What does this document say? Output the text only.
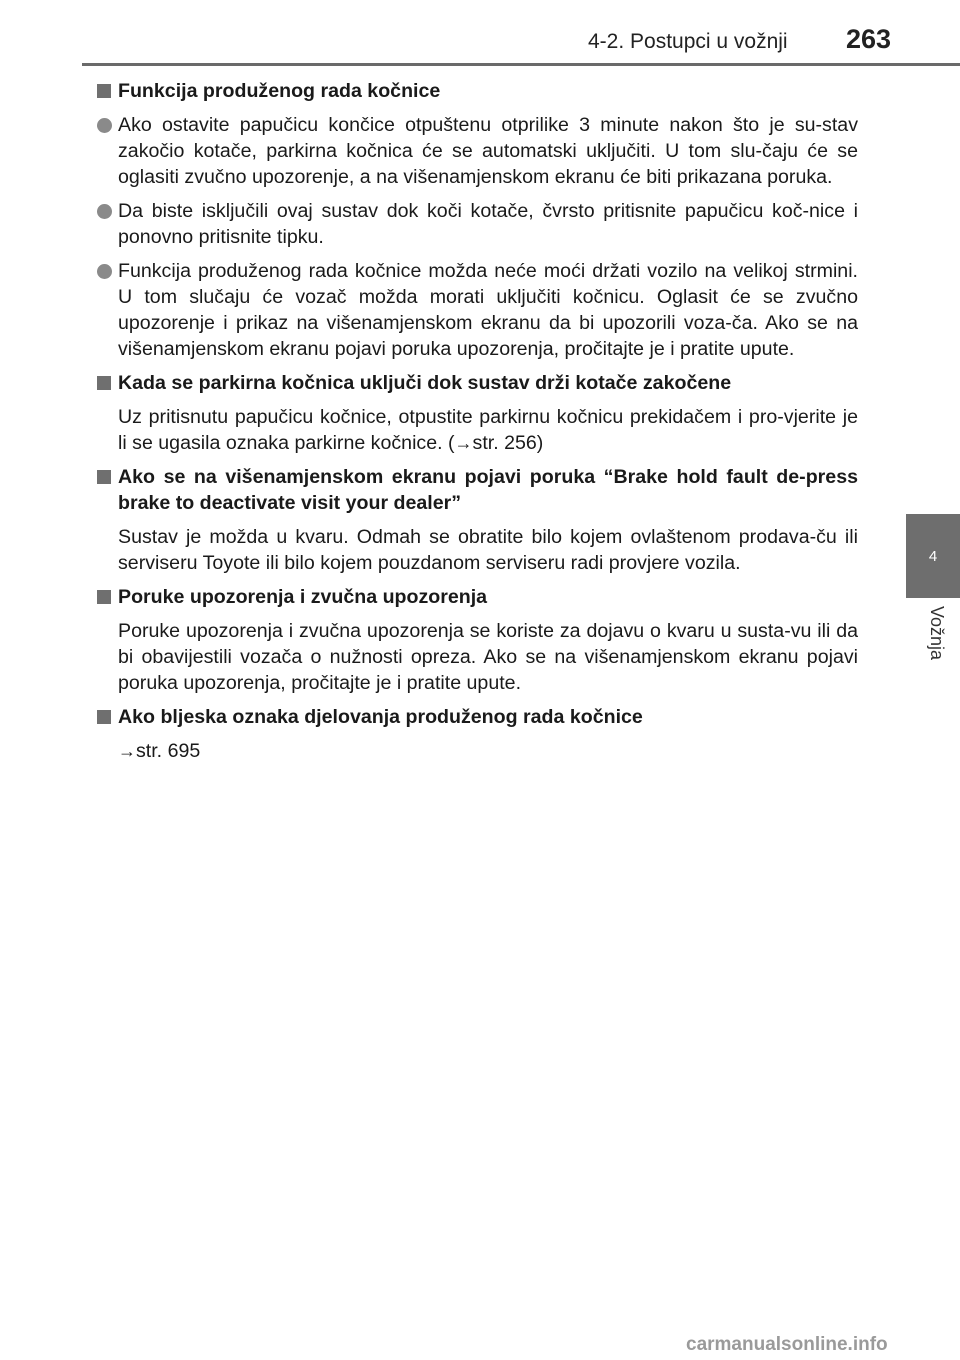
4-2. Postupci u vožnji 263
4
Vožnja
Funkcija produženog rada kočnice
Ako ostavite papučicu končice otpuštenu otprilike 3 minute nakon što je su-stav zakočio kotače, parkirna kočnica će se automatski uključiti. U tom slu-čaju će se oglasiti zvučno upozorenje, a na višenamjenskom ekranu će biti prikazana poruka.
Da biste isključili ovaj sustav dok koči kotače, čvrsto pritisnite papučicu koč-nice i ponovno pritisnite tipku.
Funkcija produženog rada kočnice možda neće moći držati vozilo na velikoj strmini. U tom slučaju će vozač možda morati uključiti kočnicu. Oglasit će se zvučno upozorenje i prikaz na višenamjenskom ekranu da bi upozorili voza-ča. Ako se na višenamjenskom ekranu pojavi poruka upozorenja, pročitajte je i pratite upute.
Kada se parkirna kočnica uključi dok sustav drži kotače zakočene
Uz pritisnutu papučicu kočnice, otpustite parkirnu kočnicu prekidačem i pro-vjerite je li se ugasila oznaka parkirne kočnice. (→str. 256)
Ako se na višenamjenskom ekranu pojavi poruka “Brake hold fault de-press brake to deactivate visit your dealer”
Sustav je možda u kvaru. Odmah se obratite bilo kojem ovlaštenom prodava-ču ili serviseru Toyote ili bilo kojem pouzdanom serviseru radi provjere vozila.
Poruke upozorenja i zvučna upozorenja
Poruke upozorenja i zvučna upozorenja se koriste za dojavu o kvaru u susta-vu ili da bi obavijestili vozača o nužnosti opreza. Ako se na višenamjenskom ekranu pojavi poruka upozorenja, pročitajte je i pratite upute.
Ako bljeska oznaka djelovanja produženog rada kočnice
→str. 695
carmanualsonline.info
